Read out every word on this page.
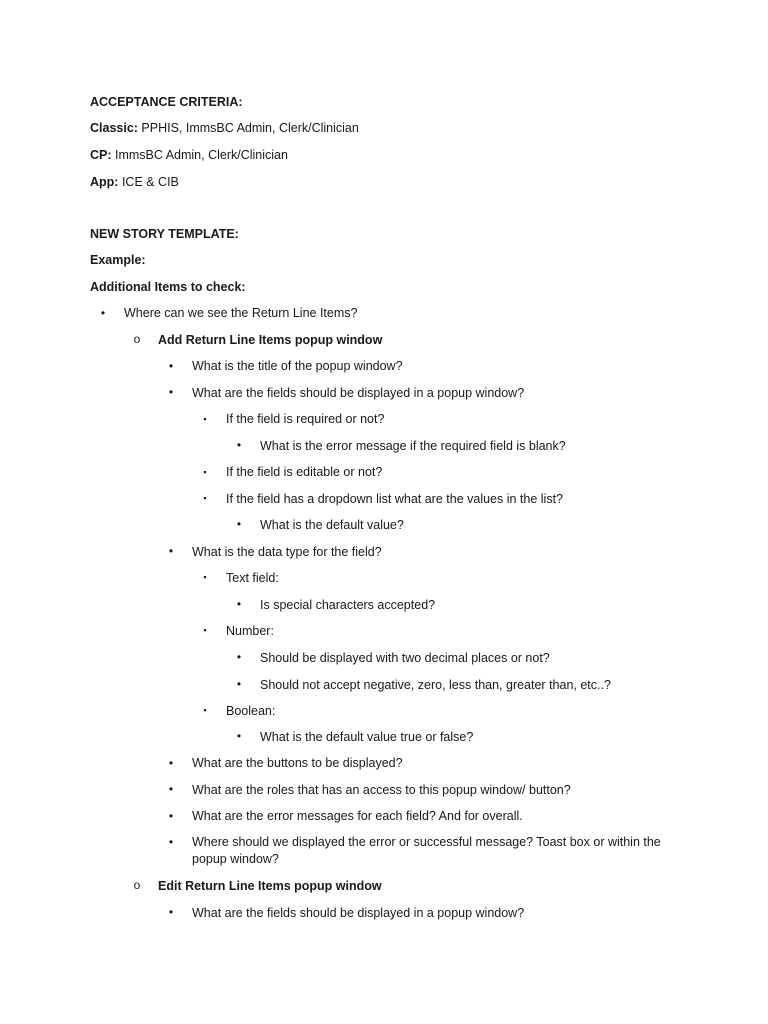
ACCEPTANCE CRITERIA:
Classic: PPHIS, ImmsBC Admin, Clerk/Clinician
CP: ImmsBC Admin, Clerk/Clinician
App: ICE & CIB
NEW STORY TEMPLATE:
Example:
Additional Items to check:
•	Where can we see the Return Line Items?
o Add Return Line Items popup window
•	What is the title of the popup window?
•	What are the fields should be displayed in a popup window?
▪	If the field is required or not?
•	What is the error message if the required field is blank?
▪	If the field is editable or not?
▪	If the field has a dropdown list what are the values in the list?
•	What is the default value?
•	What is the data type for the field?
▪	Text field:
•	Is special characters accepted?
▪	Number:
•	Should be displayed with two decimal places or not?
•	Should not accept negative, zero, less than, greater than, etc..?
▪	Boolean:
•	What is the default value true or false?
•	What are the buttons to be displayed?
•	What are the roles that has an access to this popup window/ button?
•	What are the error messages for each field? And for overall.
•	Where should we displayed the error or successful message? Toast box or within the popup window?
o Edit Return Line Items popup window
•	What are the fields should be displayed in a popup window?
